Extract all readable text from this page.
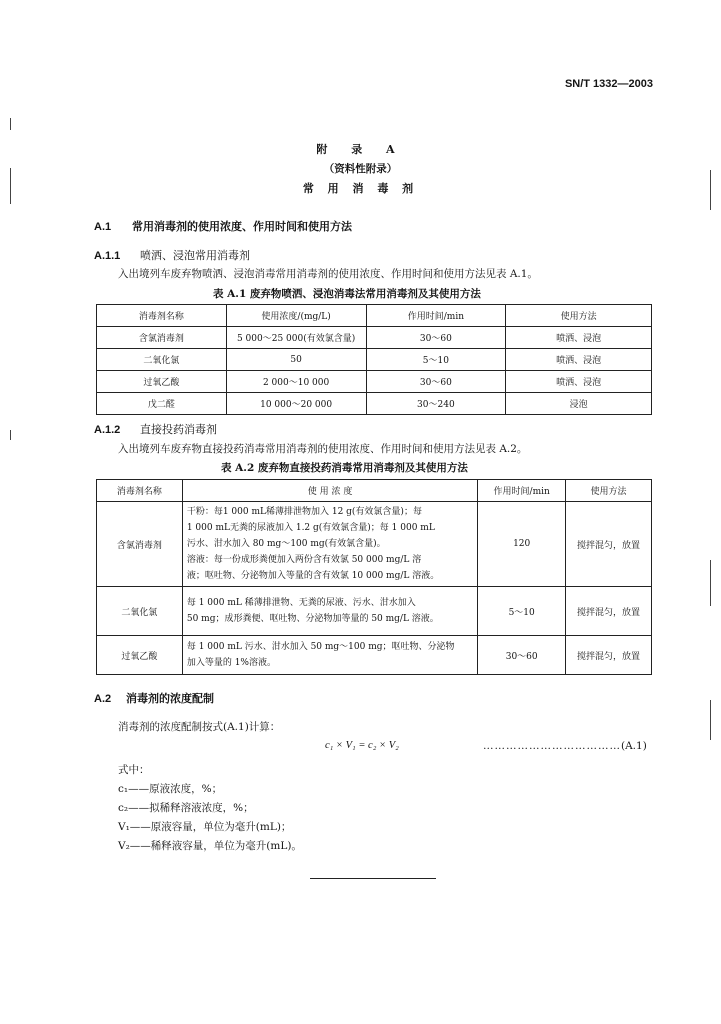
SN/T 1332—2003
附 录 A
（资料性附录）
常 用 消 毒 剂
A.1 常用消毒剂的使用浓度、作用时间和使用方法
A.1.1 喷洒、浸泡常用消毒剂
入出境列车废弃物喷洒、浸泡消毒常用消毒剂的使用浓度、作用时间和使用方法见表 A.1。
表 A.1 废弃物喷洒、浸泡消毒法常用消毒剂及其使用方法
消毒剂名称	使用浓度/(mg/L)	作用时间/min	使用方法
含氯消毒剂	5 000～25 000(有效氯含量)	30～60	喷洒、浸泡
二氧化氯	50	5～10	喷洒、浸泡
过氧乙酸	2 000～10 000	30～60	喷洒、浸泡
戊二醛	10 000～20 000	30～240	浸泡
A.1.2 直接投药消毒剂
入出境列车废弃物直接投药消毒常用消毒剂的使用浓度、作用时间和使用方法见表 A.2。
表 A.2 废弃物直接投药消毒常用消毒剂及其使用方法
消毒剂名称	使 用 浓 度	作用时间/min	使用方法
含氯消毒剂	干粉：每1 000 mL稀薄排泄物加入 12 g(有效氯含量)；每
1 000 mL无粪的尿液加入 1.2 g(有效氯含量)；每 1 000 mL
污水、泔水加入 80 mg～100 mg(有效氯含量)。
溶液：每一份成形粪便加入两份含有效氯 50 000 mg/L 溶
液；呕吐物、分泌物加入等量的含有效氯 10 000 mg/L 溶液。	120	搅拌混匀，放置
二氧化氯	每 1 000 mL 稀薄排泄物、无粪的尿液、污水、泔水加入
50 mg；成形粪便、呕吐物、分泌物加等量的 50 mg/L 溶液。	5～10	搅拌混匀，放置
过氧乙酸	每 1 000 mL 污水、泔水加入 50 mg～100 mg；呕吐物、分泌物
加入等量的 1%溶液。	30～60	搅拌混匀，放置
A.2 消毒剂的浓度配制
消毒剂的浓度配制按式(A.1)计算：
c₁ × V₁ = c₂ × V₂	………………………………(A.1)
式中：
c₁——原液浓度，%；
c₂——拟稀释溶液浓度，%；
V₁——原液容量，单位为毫升(mL)；
V₂——稀释液容量，单位为毫升(mL)。
